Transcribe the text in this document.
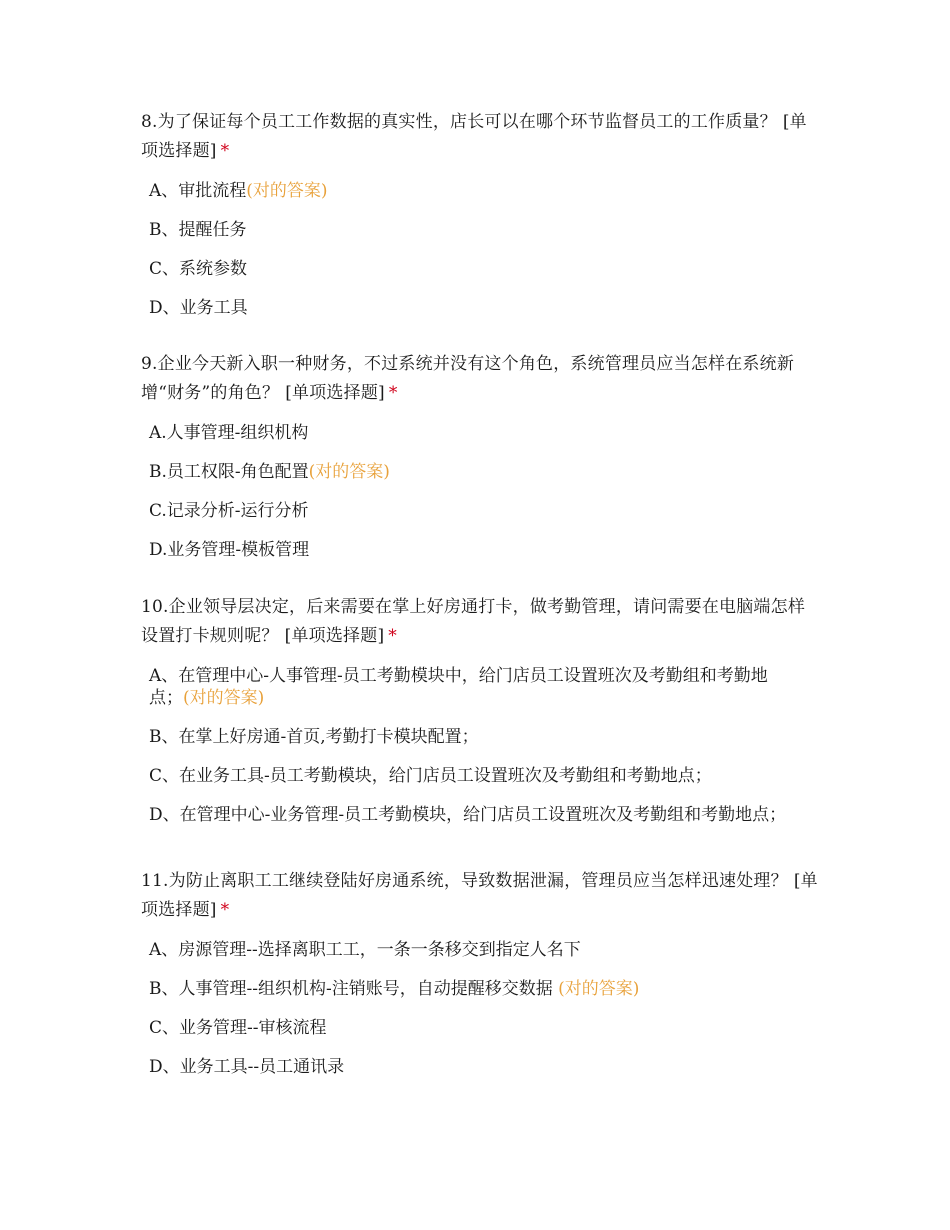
8.为了保证每个员工工作数据的真实性，店长可以在哪个环节监督员工的工作质量？ [单项选择题] *
A、审批流程(对的答案)
B、提醒任务
C、系统参数
D、业务工具
9.企业今天新入职一种财务，不过系统并没有这个角色，系统管理员应当怎样在系统新增“财务”的角色？ [单项选择题] *
A.人事管理-组织机构
B.员工权限-角色配置(对的答案)
C.记录分析-运行分析
D.业务管理-模板管理
10.企业领导层决定，后来需要在掌上好房通打卡，做考勤管理，请问需要在电脑端怎样设置打卡规则呢？ [单项选择题] *
A、在管理中心-人事管理-员工考勤模块中，给门店员工设置班次及考勤组和考勤地点；(对的答案)
B、在掌上好房通-首页,考勤打卡模块配置；
C、在业务工具-员工考勤模块，给门店员工设置班次及考勤组和考勤地点；
D、在管理中心-业务管理-员工考勤模块，给门店员工设置班次及考勤组和考勤地点；
11.为防止离职工工继续登陆好房通系统，导致数据泄漏，管理员应当怎样迅速处理？ [单项选择题] *
A、房源管理--选择离职工工，一条一条移交到指定人名下
B、人事管理--组织机构-注销账号，自动提醒移交数据 (对的答案)
C、业务管理--审核流程
D、业务工具--员工通讯录
